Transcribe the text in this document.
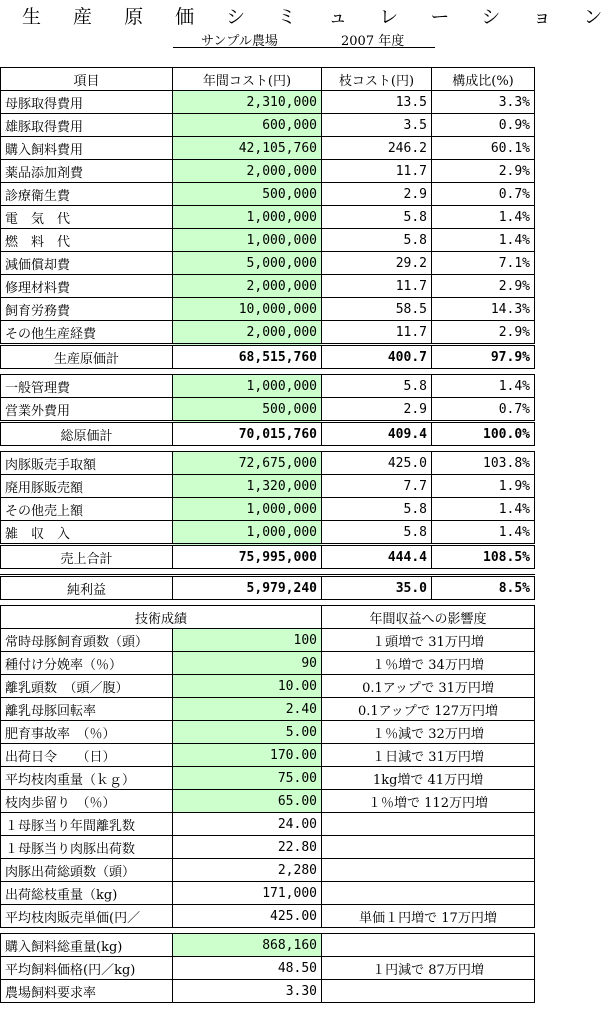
生 産 原 価 シ ミ ュ レ ー シ ョ ン
サンプル農場	2007 年度
項目	年間コスト(円)	枝コスト(円)	構成比(%)
母豚取得費用	2,310,000	13.5	3.3%
雄豚取得費用	600,000	3.5	0.9%
購入飼料費用	42,105,760	246.2	60.1%
薬品添加剤費	2,000,000	11.7	2.9%
診療衛生費	500,000	2.9	0.7%
電　気　代	1,000,000	5.8	1.4%
燃　料　代	1,000,000	5.8	1.4%
減価償却費	5,000,000	29.2	7.1%
修理材料費	2,000,000	11.7	2.9%
飼育労務費	10,000,000	58.5	14.3%
その他生産経費	2,000,000	11.7	2.9%
生産原価計	68,515,760	400.7	97.9%

一般管理費	1,000,000	5.8	1.4%
営業外費用	500,000	2.9	0.7%
総原価計	70,015,760	409.4	100.0%

肉豚販売手取額	72,675,000	425.0	103.8%
廃用豚販売額	1,320,000	7.7	1.9%
その他売上額	1,000,000	5.8	1.4%
雑　収　入	1,000,000	5.8	1.4%
売上合計	75,995,000	444.4	108.5%

純利益	5,979,240	35.0	8.5%

技術成績		年間収益への影響度	
常時母豚飼育頭数（頭）	100	１頭増で 31万円増	
種付け分娩率（％）	90	１％増で 34万円増	
離乳頭数　（頭／腹）	10.00	0.1アップで 31万円増	
離乳母豚回転率	2.40	0.1アップで 127万円増	
肥育事故率　（％）	5.00	１％減で 32万円増	
出荷日令　　（日）	170.00	１日減で 31万円増	
平均枝肉重量（ｋｇ）	75.00	1kg増で 41万円増	
枝肉歩留り　（％）	65.00	１％増で 112万円増	
１母豚当り年間離乳数	24.00		
１母豚当り肉豚出荷数	22.80		
肉豚出荷総頭数（頭）	2,280		
出荷総枝重量（kg)	171,000		
平均枝肉販売単価(円／	425.00	単価１円増で 17万円増	

購入飼料総重量(kg)	868,160		
平均飼料価格(円／kg)	48.50	１円減で 87万円増	
農場飼料要求率	3.30		
